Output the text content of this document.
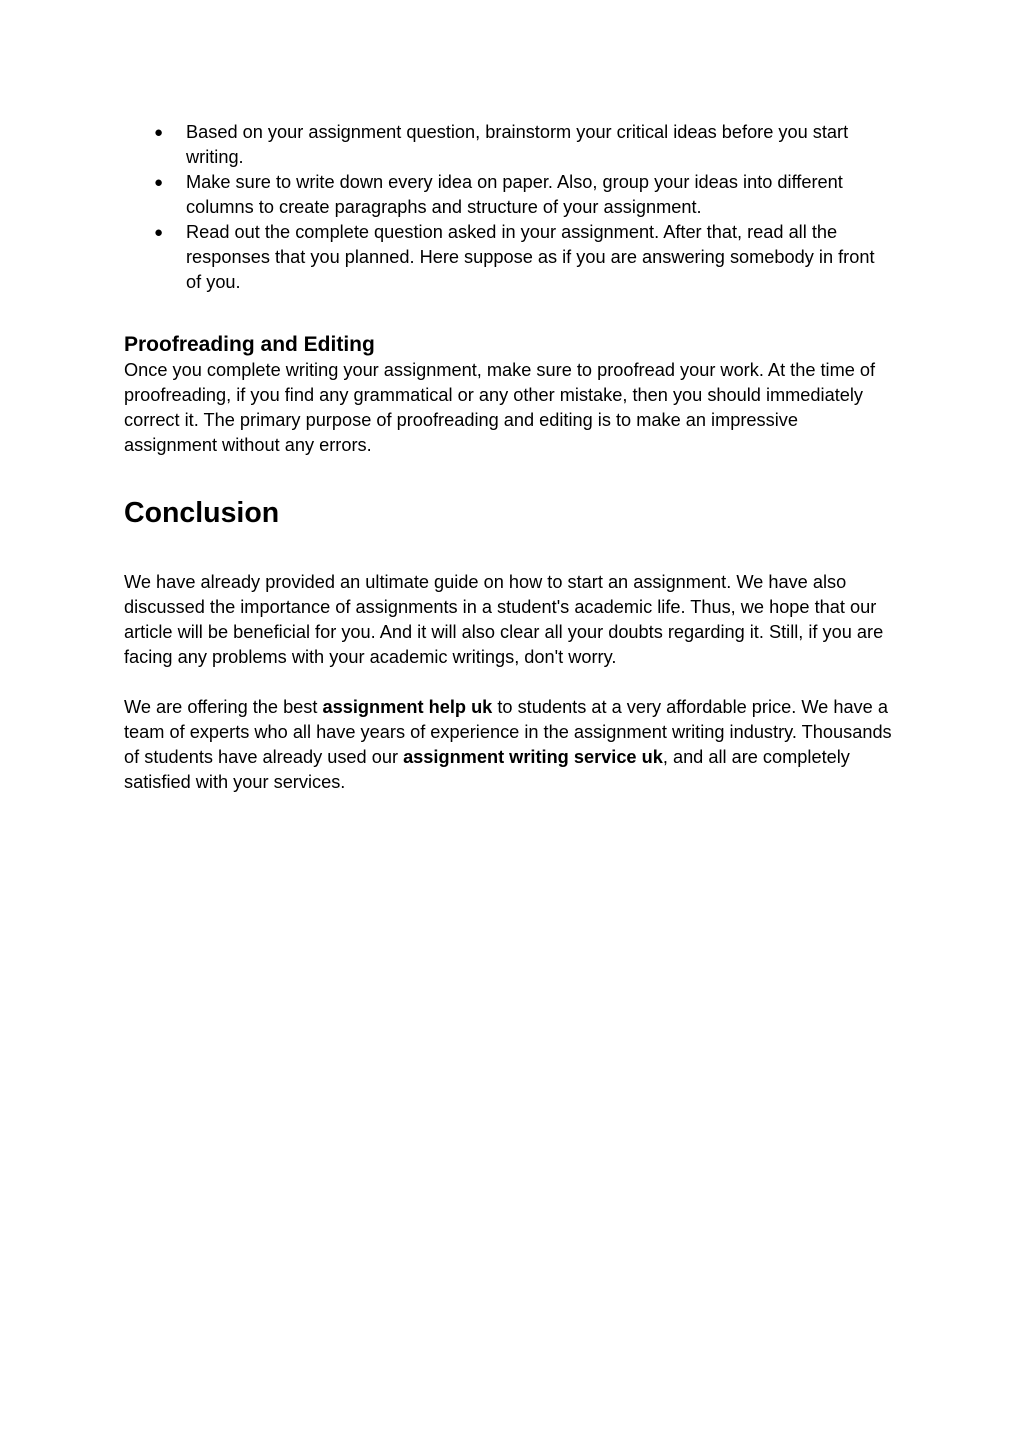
● Based on your assignment question, brainstorm your critical ideas before you start writing.
● Make sure to write down every idea on paper. Also, group your ideas into different columns to create paragraphs and structure of your assignment.
● Read out the complete question asked in your assignment. After that, read all the responses that you planned. Here suppose as if you are answering somebody in front of you.
Proofreading and Editing

Once you complete writing your assignment, make sure to proofread your work. At the time of proofreading, if you find any grammatical or any other mistake, then you should immediately correct it. The primary purpose of proofreading and editing is to make an impressive assignment without any errors.

Conclusion

We have already provided an ultimate guide on how to start an assignment. We have also discussed the importance of assignments in a student's academic life. Thus, we hope that our article will be beneficial for you. And it will also clear all your doubts regarding it. Still, if you are facing any problems with your academic writings, don't worry.

We are offering the best assignment help uk to students at a very affordable price. We have a team of experts who all have years of experience in the assignment writing industry. Thousands of students have already used our assignment writing service uk, and all are completely satisfied with your services.
